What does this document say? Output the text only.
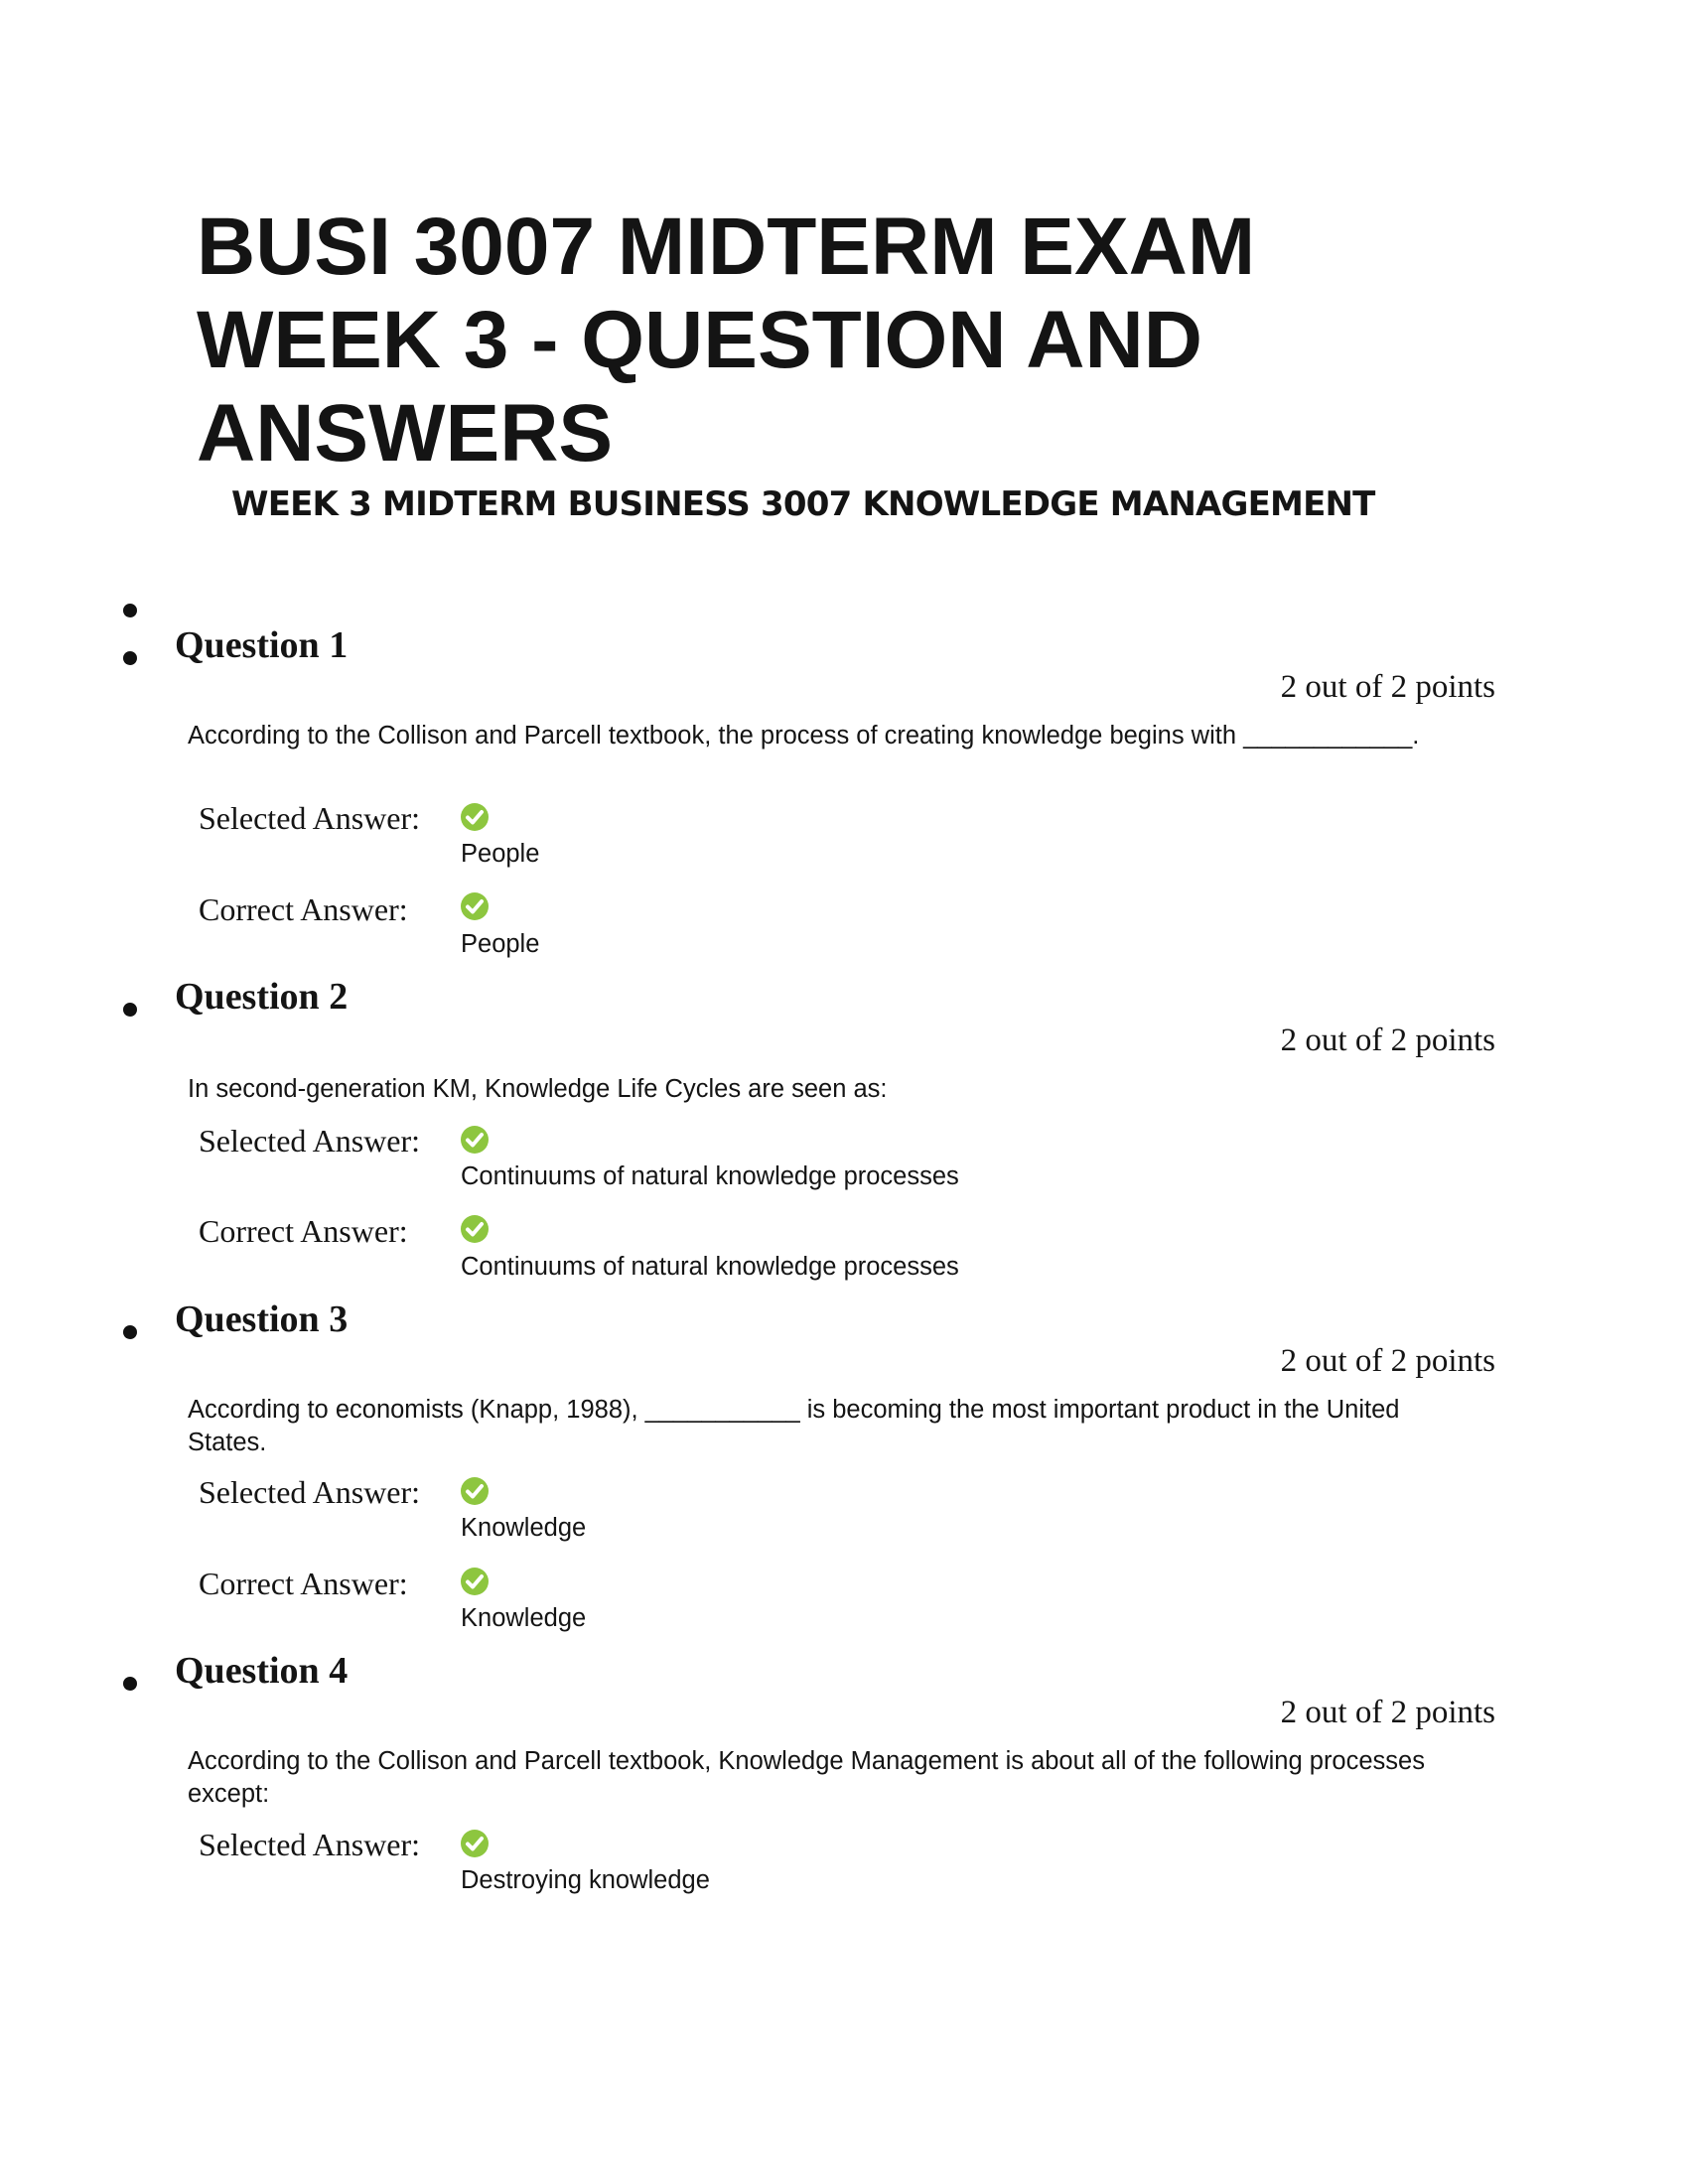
BUSI 3007 MIDTERM EXAM
WEEK 3 - QUESTION AND
ANSWERS
WEEK 3 MIDTERM BUSINESS 3007 KNOWLEDGE MANAGEMENT
Question 1
2 out of 2 points

According to the Collison and Parcell textbook, the process of creating knowledge begins with ____________.

Selected Answer:
People
Correct Answer:
People
Question 2
2 out of 2 points

In second-generation KM, Knowledge Life Cycles are seen as:

Selected Answer:
Continuums of natural knowledge processes
Correct Answer:
Continuums of natural knowledge processes
Question 3
2 out of 2 points

According to economists (Knapp, 1988), ___________ is becoming the most important product in the United States.

Selected Answer:
Knowledge
Correct Answer:
Knowledge
Question 4
2 out of 2 points

According to the Collison and Parcell textbook, Knowledge Management is about all of the following processes except:

Selected Answer:
Destroying knowledge
